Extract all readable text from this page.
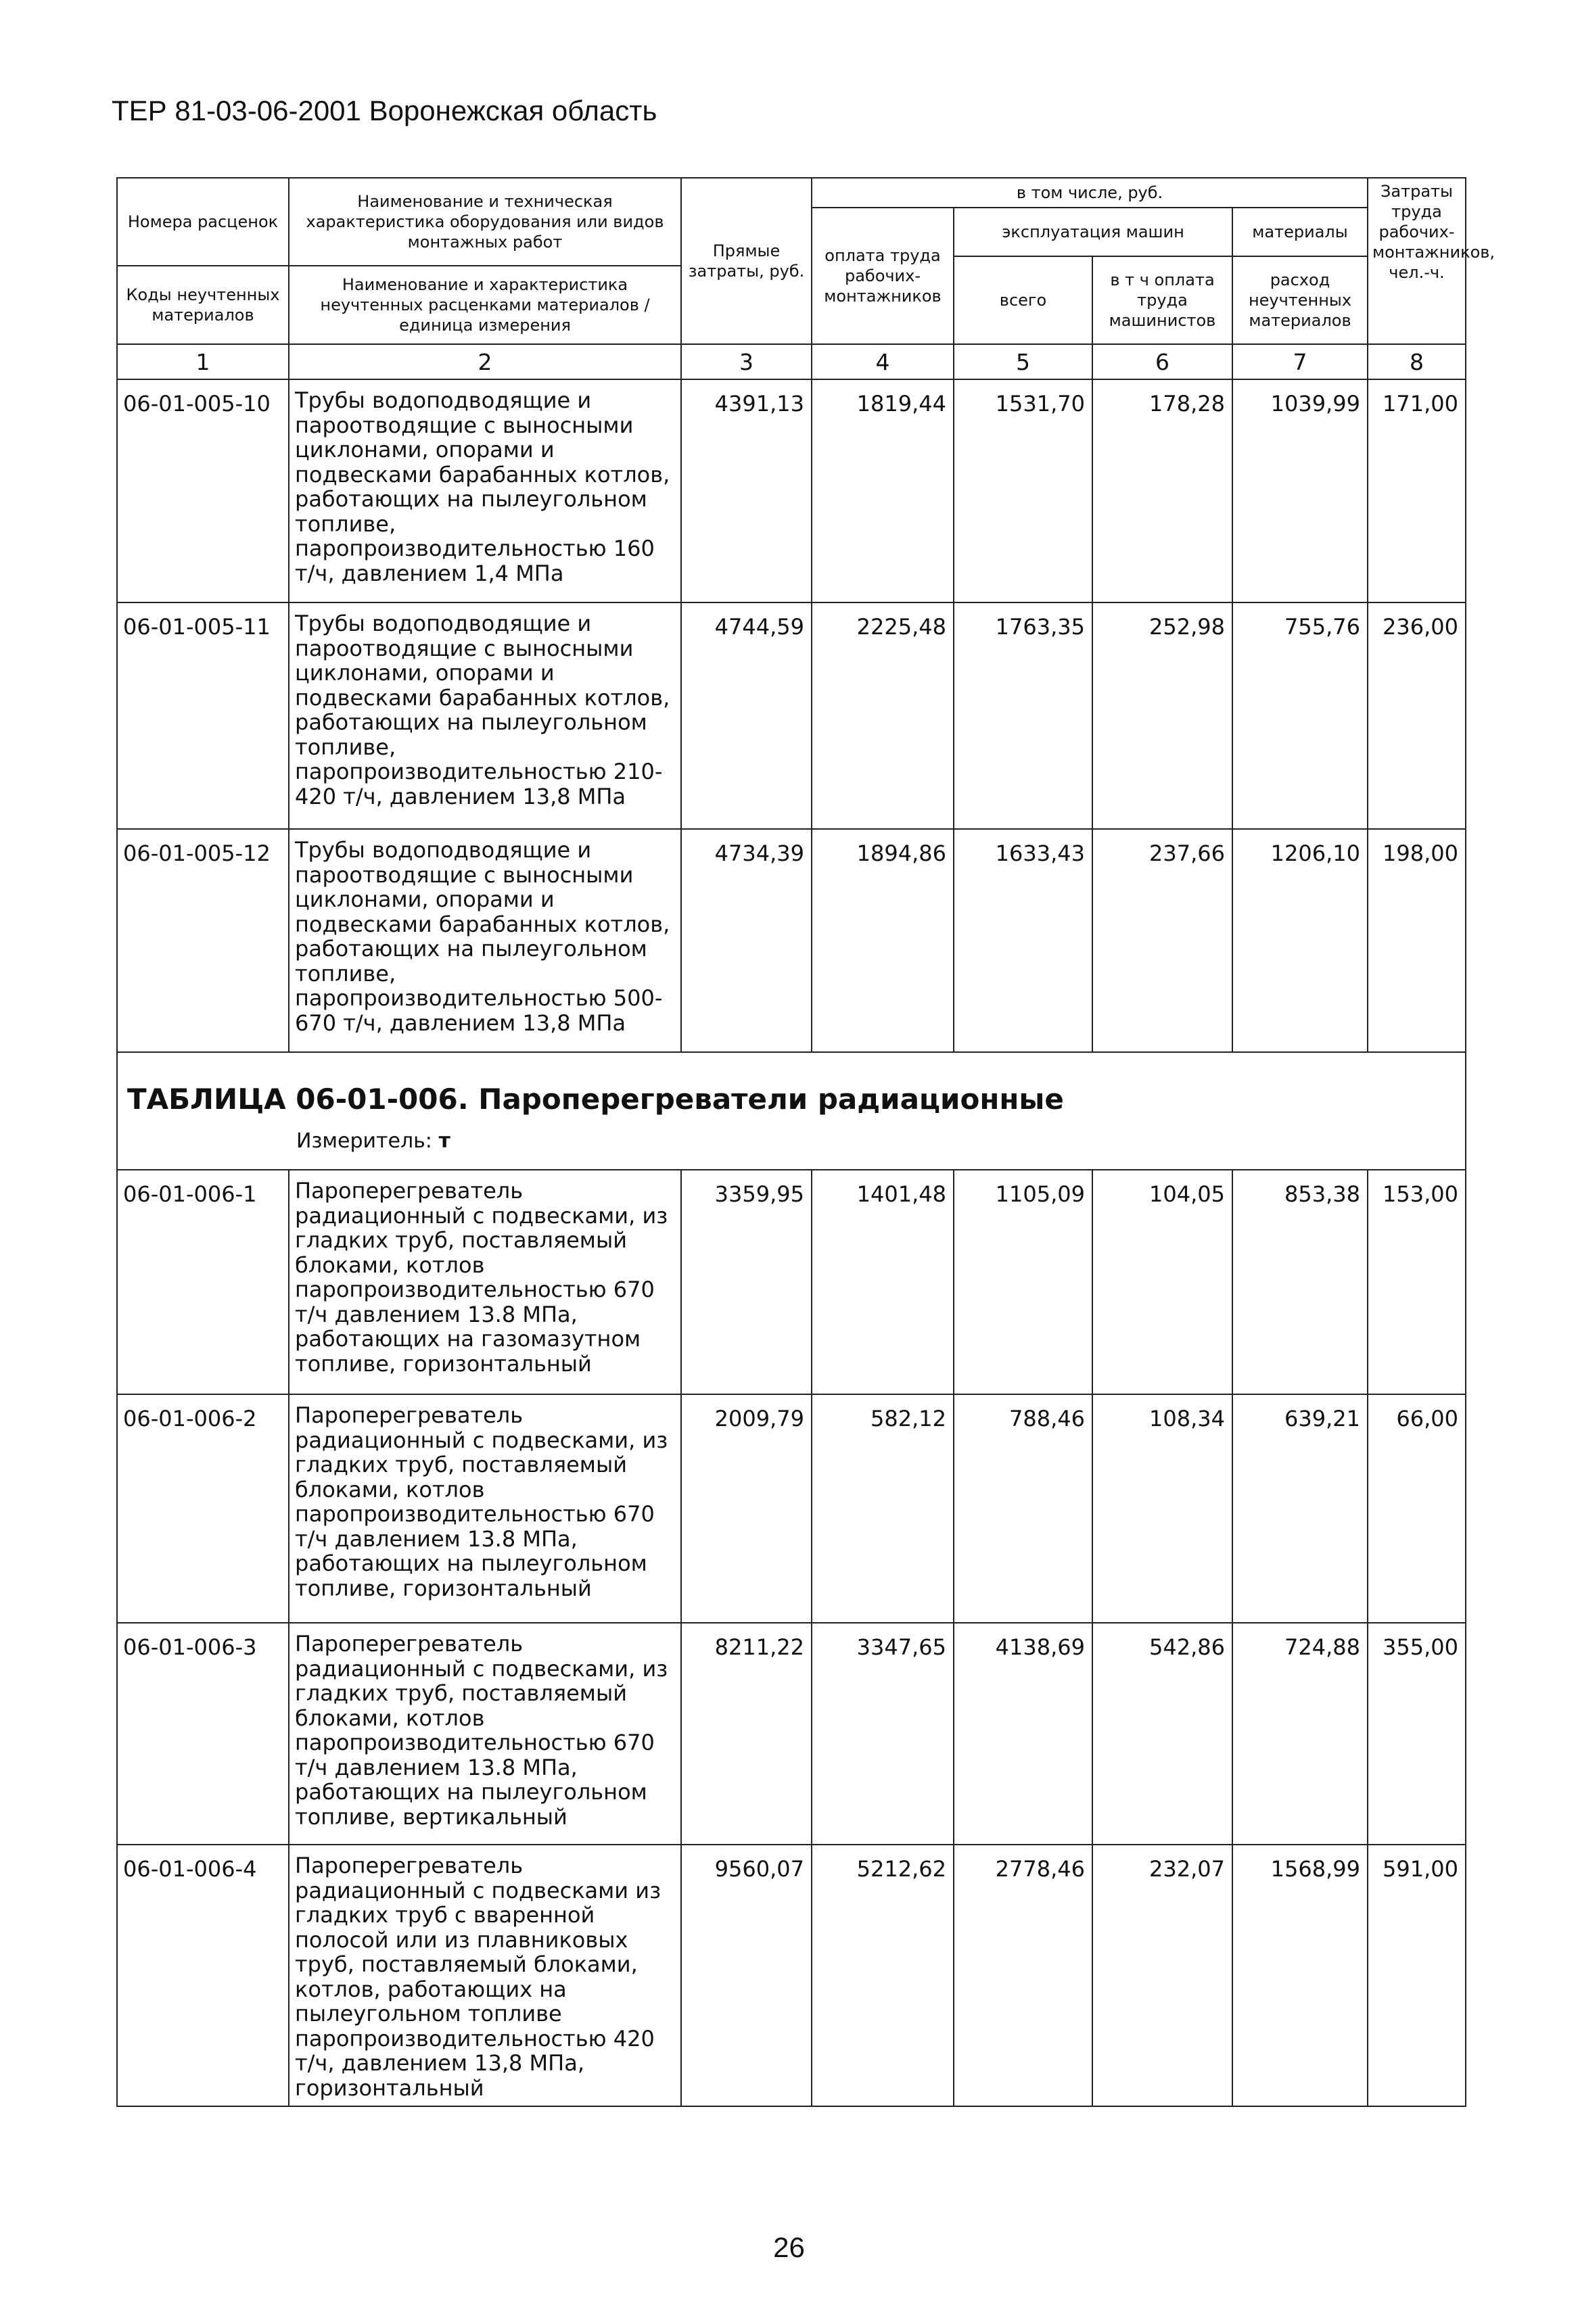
ТЕР 81-03-06-2001 Воронежская область
Номера расценок	Наименование и техническая характеристика оборудования или видов монтажных работ	Прямые затраты, руб.	в том числе, руб.				Затраты труда рабочих-монтажников, чел.-ч.
			оплата труда рабочих-монтажников	эксплуатация машин		материалы	
				всего	в т ч оплата труда машинистов	расход неучтенных материалов	
Коды неучтенных материалов	Наименование и характеристика неучтенных расценками материалов / единица измерения						

1	2	3	4	5	6	7	8
06-01-005-10	Трубы водоподводящие и пароотводящие с выносными циклонами, опорами и подвесками барабанных котлов, работающих на пылеугольном топливе, паропроизводительностью 160 т/ч, давлением 1,4 МПа	4391,13	1819,44	1531,70	178,28	1039,99	171,00
06-01-005-11	Трубы водоподводящие и пароотводящие с выносными циклонами, опорами и подвесками барабанных котлов, работающих на пылеугольном топливе, паропроизводительностью 210-420 т/ч, давлением 13,8 МПа	4744,59	2225,48	1763,35	252,98	755,76	236,00
06-01-005-12	Трубы водоподводящие и пароотводящие с выносными циклонами, опорами и подвесками барабанных котлов, работающих на пылеугольном топливе, паропроизводительностью 500-670 т/ч, давлением 13,8 МПа	4734,39	1894,86	1633,43	237,66	1206,10	198,00

ТАБЛИЦА 06-01-006. Пароперегреватели радиационные
Измеритель: т							

06-01-006-1	Пароперегреватель радиационный с подвесками, из гладких труб, поставляемый блоками, котлов паропроизводительностью 670 т/ч давлением 13.8 МПа, работающих на газомазутном топливе, горизонтальный	3359,95	1401,48	1105,09	104,05	853,38	153,00
06-01-006-2	Пароперегреватель радиационный с подвесками, из гладких труб, поставляемый блоками, котлов паропроизводительностью 670 т/ч давлением 13.8 МПа, работающих на пылеугольном топливе, горизонтальный	2009,79	582,12	788,46	108,34	639,21	66,00
06-01-006-3	Пароперегреватель радиационный с подвесками, из гладких труб, поставляемый блоками, котлов паропроизводительностью 670 т/ч давлением 13.8 МПа, работающих на пылеугольном топливе, вертикальный	8211,22	3347,65	4138,69	542,86	724,88	355,00
06-01-006-4	Пароперегреватель радиационный с подвесками из гладких труб с вваренной полосой или из плавниковых труб, поставляемый блоками, котлов, работающих на пылеугольном топливе паропроизводительностью 420 т/ч, давлением 13,8 МПа, горизонтальный	9560,07	5212,62	2778,46	232,07	1568,99	591,00
26
